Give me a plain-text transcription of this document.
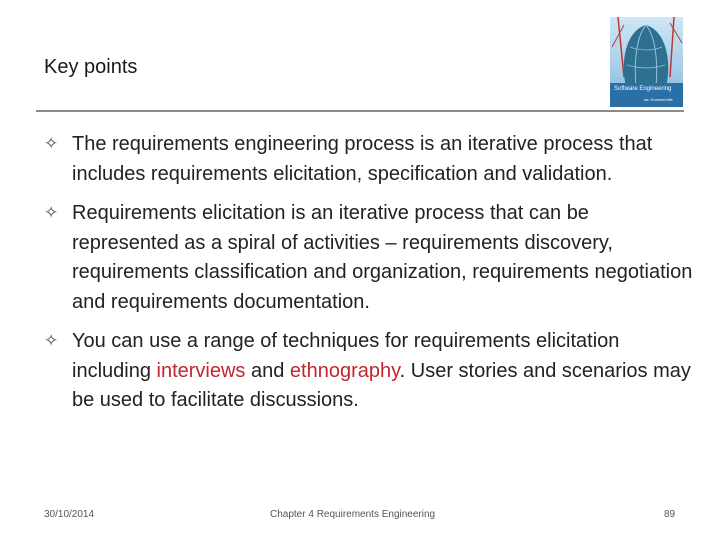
Key points
Software Engineering
Ian Sommerville
✧ The requirements engineering process is an iterative process that includes requirements elicitation, specification and validation.
✧ Requirements elicitation is an iterative process that can be represented as a spiral of activities – requirements discovery, requirements classification and organization, requirements negotiation and requirements documentation.
✧ You can use a range of techniques for requirements elicitation including interviews and ethnography. User stories and scenarios may be used to facilitate discussions.
30/10/2014	Chapter 4 Requirements Engineering	89
